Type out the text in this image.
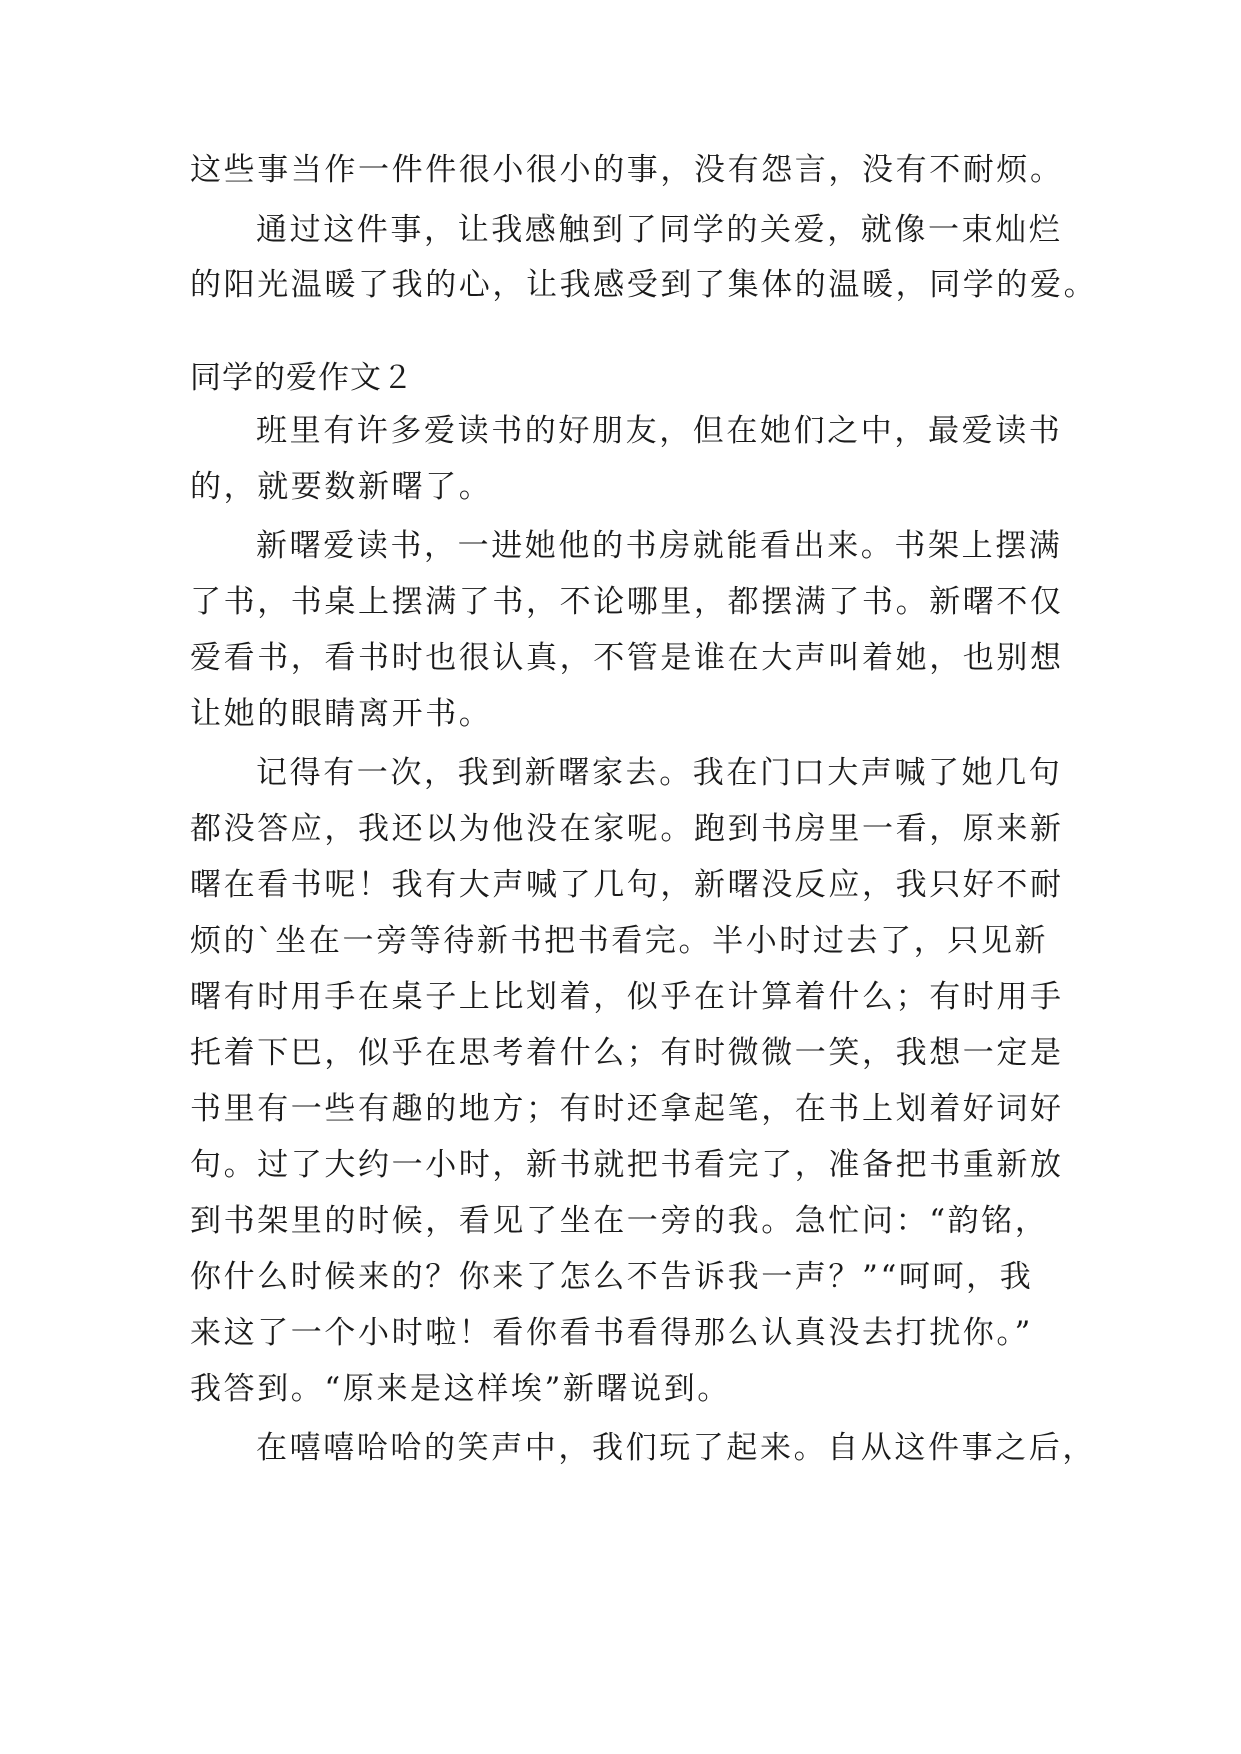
这些事当作一件件很小很小的事，没有怨言，没有不耐烦。
通过这件事，让我感触到了同学的关爱，就像一束灿烂
的阳光温暖了我的心，让我感受到了集体的温暖，同学的爱。
同学的爱作文２
班里有许多爱读书的好朋友，但在她们之中，最爱读书
的，就要数新曙了。
新曙爱读书，一进她他的书房就能看出来。书架上摆满
了书，书桌上摆满了书，不论哪里，都摆满了书。新曙不仅
爱看书，看书时也很认真，不管是谁在大声叫着她，也别想
让她的眼睛离开书。
记得有一次，我到新曙家去。我在门口大声喊了她几句
都没答应，我还以为他没在家呢。跑到书房里一看，原来新
曙在看书呢！我有大声喊了几句，新曙没反应，我只好不耐
烦的`坐在一旁等待新书把书看完。半小时过去了，只见新
曙有时用手在桌子上比划着，似乎在计算着什么；有时用手
托着下巴，似乎在思考着什么；有时微微一笑，我想一定是
书里有一些有趣的地方；有时还拿起笔，在书上划着好词好
句。过了大约一小时，新书就把书看完了，准备把书重新放
到书架里的时候，看见了坐在一旁的我。急忙问：“韵铭，
你什么时候来的？你来了怎么不告诉我一声？”“呵呵，我
来这了一个小时啦！看你看书看得那么认真没去打扰你。”
我答到。“原来是这样埃”新曙说到。
在嘻嘻哈哈的笑声中，我们玩了起来。自从这件事之后，
